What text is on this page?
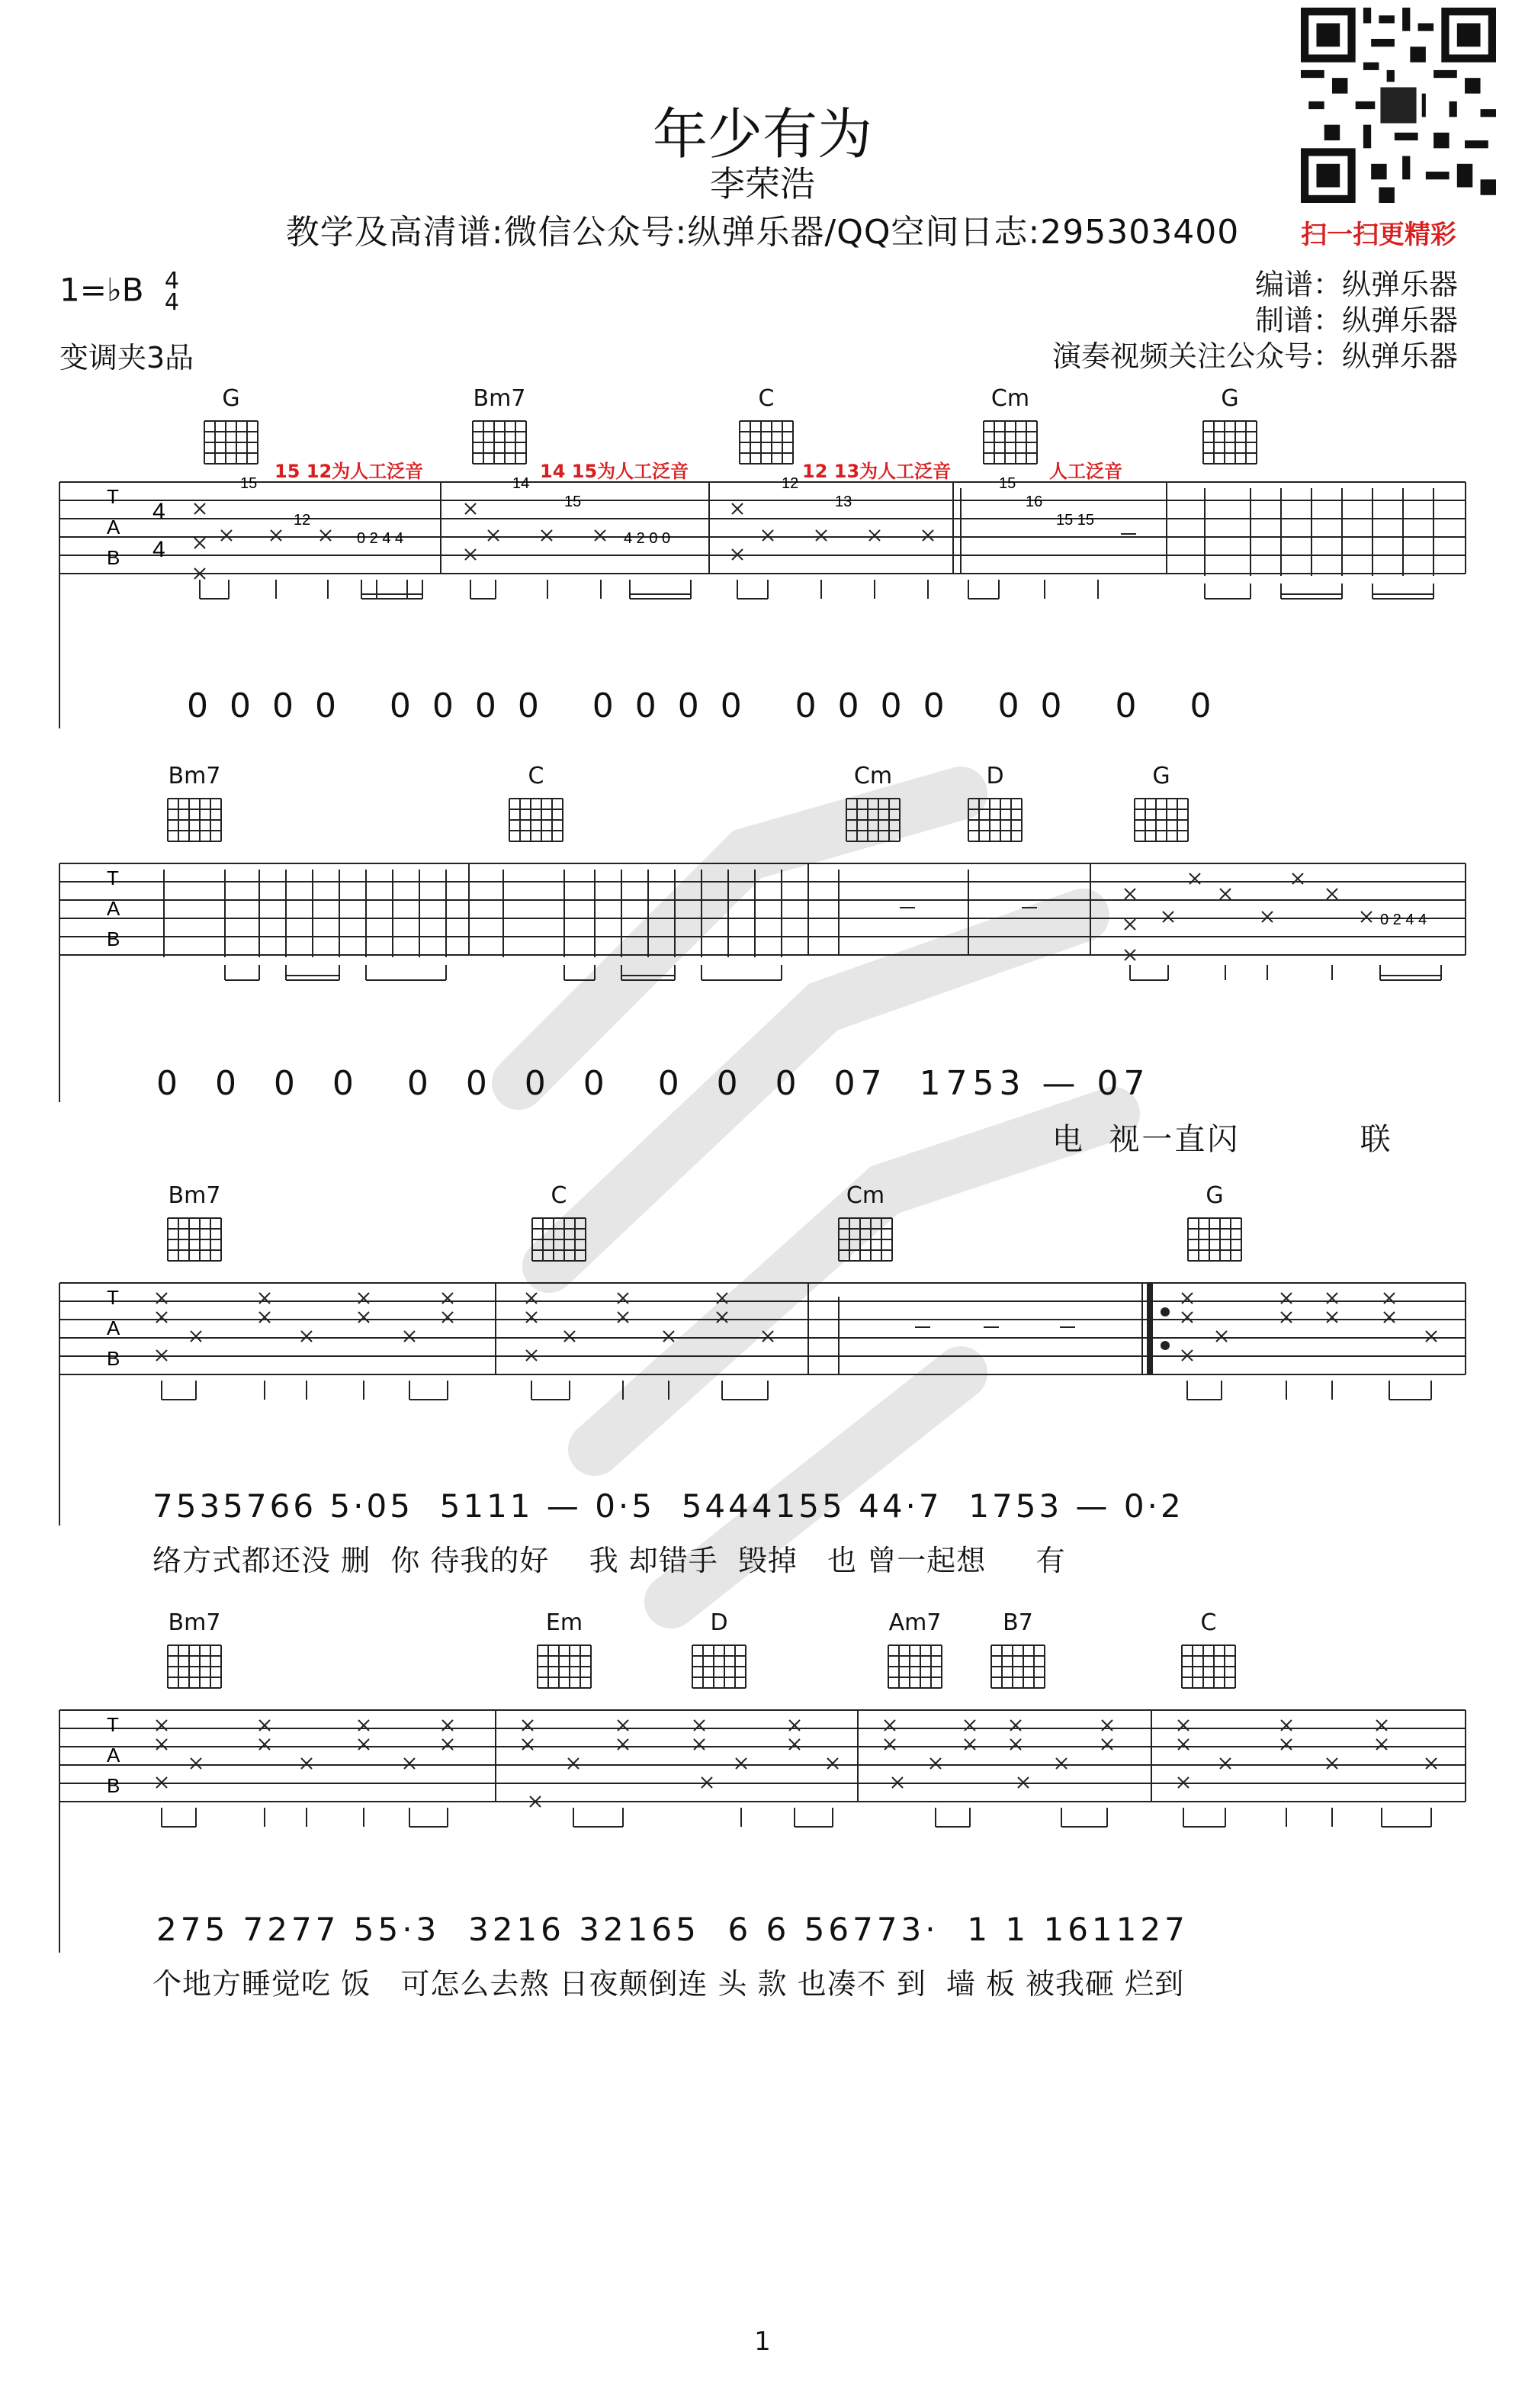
年少有为
李荣浩
教学及高清谱:微信公众号:纵弹乐器/QQ空间日志:295303400	扫一扫更精彩
1=♭B 4
4
变调夹3品
编谱：纵弹乐器
制谱：纵弹乐器
演奏视频关注公众号：纵弹乐器
T
A
B
4
4
15
12
0 2 4 4
14
15
4 2 0 0
12
13
15
16
15 15
G	Bm7	C	Cm	G
15 12为人工泛音	14 15为人工泛音	12 13为人工泛音	人工泛音
0 0 0 0   0 0 0 0   0 0 0 0   0 0 0 0   0 0   0   0
T
A
B
0 2 4 4
Bm7	C	Cm	D	G
0  0  0  0   0  0  0  0   0  0  0  07  1753 — 07
电  视一直闪          联
T
A
B
Bm7	C	Cm	G
7535766 5·05  5111 — 0·5  5444155 44·7  1753 — 0·2
络方式都还没 删  你 待我的好    我 却错手  毁掉   也 曾一起想     有
T
A
B
Bm7	Em	D	Am7	B7	C
275 7277 55·3  3216 32165  6 6 56773·  1 1 161127
个地方睡觉吃 饭   可怎么去熬 日夜颠倒连 头 款 也凑不 到  墙 板 被我砸 烂到
1
